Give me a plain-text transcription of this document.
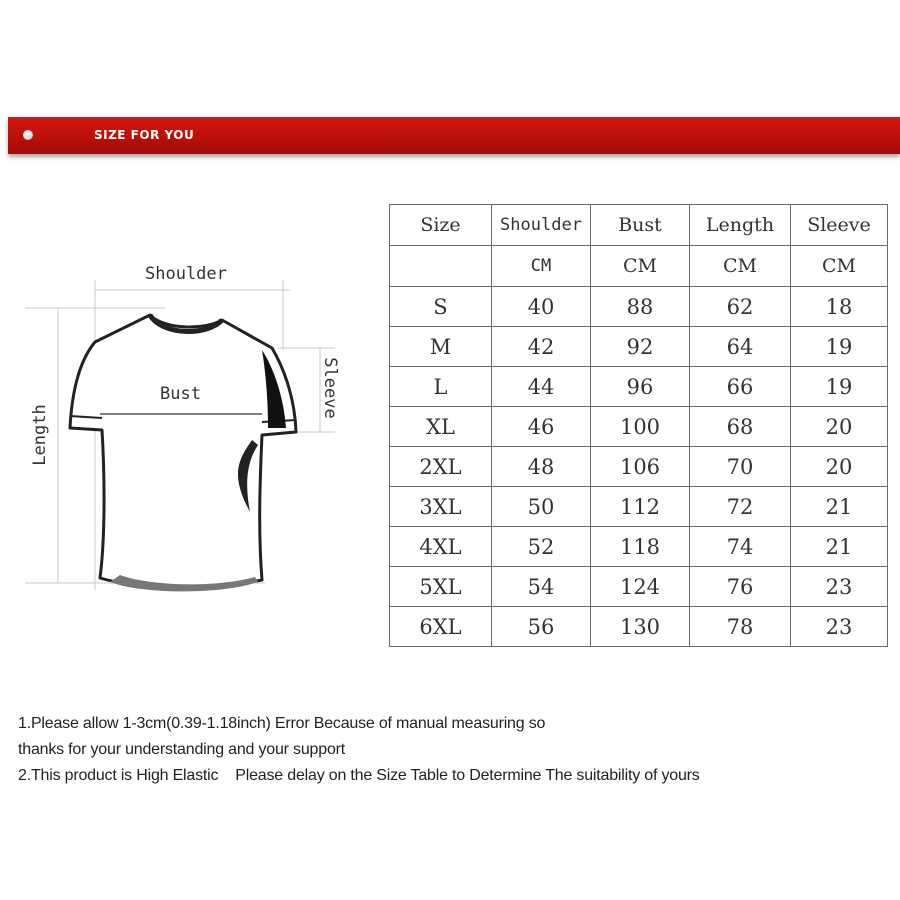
SIZE FOR YOU
Shoulder
Bust
Length
Sleeve
Size	Shoulder	Bust	Length	Sleeve
	CM	CM	CM	CM
S	40	88	62	18
M	42	92	64	19
L	44	96	66	19
XL	46	100	68	20
2XL	48	106	70	20
3XL	50	112	72	21
4XL	52	118	74	21
5XL	54	124	76	23
6XL	56	130	78	23
1.Please allow 1-3cm(0.39-1.18inch) Error Because of manual measuring so
thanks for your understanding and your support
2.This product is High Elastic    Please delay on the Size Table to Determine The suitability of yours
